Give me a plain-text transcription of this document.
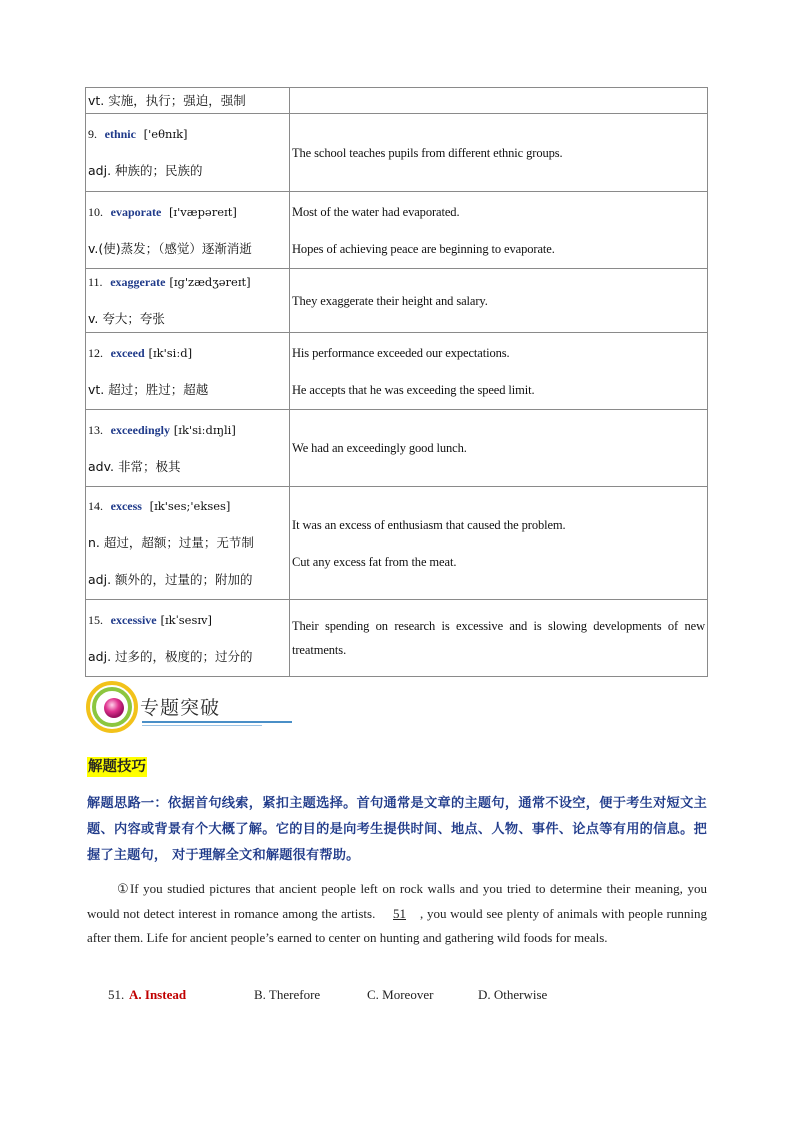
vt. 实施，执行；强迫，强制	

9. ethnic ['eθnɪk]
adj. 种族的；民族的	The school teaches pupils from different ethnic groups.

10. evaporate [ɪ'væpəreɪt]
v.(使)蒸发；（感觉）逐渐消逝	Most of the water had evaporated.
Hopes of achieving peace are beginning to evaporate.

11. exaggerate [ɪg'zædʒəreɪt]
v. 夸大；夸张	They exaggerate their height and salary.

12. exceed [ɪk'siːd]
vt. 超过；胜过；超越	His performance exceeded our expectations.
He accepts that he was exceeding the speed limit.

13. exceedingly [ɪk'siːdɪŋli]
adv. 非常；极其	We had an exceedingly good lunch.

14. excess [ɪk'ses;'ekses]
n. 超过，超额；过量；无节制
adj. 额外的，过量的；附加的	It was an excess of enthusiasm that caused the problem.
Cut any excess fat from the meat.

15. excessive [ɪkˈsesɪv]
adj. 过多的，极度的；过分的	Their spending on research is excessive and is slowing developments of new treatments.
专题突破
解题技巧
解题思路一：依据首句线索，紧扣主题选择。首句通常是文章的主题句，通常不设空，便于考生对短文主题、内容或背景有个大概了解。它的目的是向考生提供时间、地点、人物、事件、论点等有用的信息。把握了主题句， 对于理解全文和解题很有帮助。
①If you studied pictures that ancient people left on rock walls and you tried to determine their meaning, you would not detect interest in romance among the artists. 51 , you would see plenty of animals with people running after them. Life for ancient people’s earned to center on hunting and gathering wild foods for meals.
51. A. Instead	B. Therefore	C. Moreover	D. Otherwise
